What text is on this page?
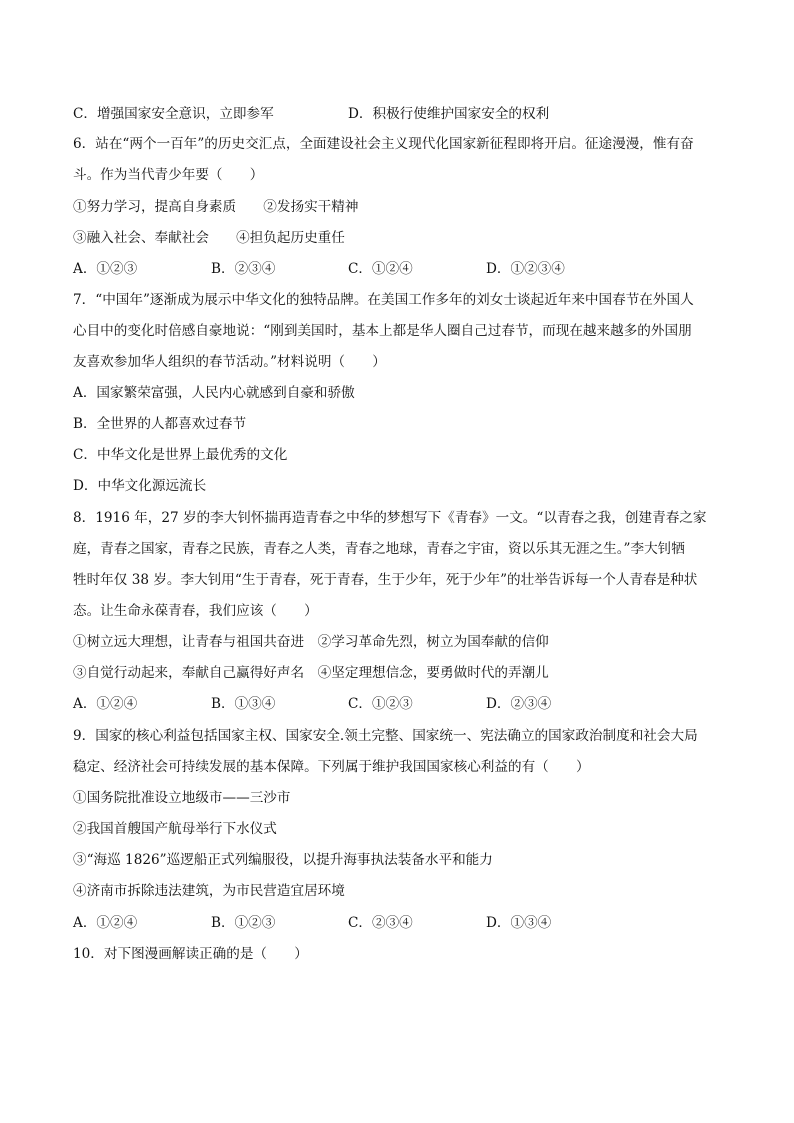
C．增强国家安全意识，立即参军	D．积极行使维护国家安全的权利
6．站在“两个一百年”的历史交汇点，全面建设社会主义现代化国家新征程即将开启。征途漫漫，惟有奋
斗。作为当代青少年要（　　）
①努力学习，提高自身素质　　②发扬实干精神
③融入社会、奉献社会　　④担负起历史重任
A．①②③	B．②③④	C．①②④	D．①②③④
7．“中国年”逐渐成为展示中华文化的独特品牌。在美国工作多年的刘女士谈起近年来中国春节在外国人
心目中的变化时倍感自豪地说：“刚到美国时，基本上都是华人圈自己过春节，而现在越来越多的外国朋
友喜欢参加华人组织的春节活动。”材料说明（　　）
A．国家繁荣富强，人民内心就感到自豪和骄傲
B．全世界的人都喜欢过春节
C．中华文化是世界上最优秀的文化
D．中华文化源远流长
8．1916 年，27 岁的李大钊怀揣再造青春之中华的梦想写下《青春》一文。“以青春之我，创建青春之家
庭，青春之国家，青春之民族，青春之人类，青春之地球，青春之宇宙，资以乐其无涯之生。”李大钊牺
牲时年仅 38 岁。李大钊用“生于青春，死于青春，生于少年，死于少年”的壮举告诉每一个人青春是种状
态。让生命永葆青春，我们应该（　　）
①树立远大理想，让青春与祖国共奋进　②学习革命先烈，树立为国奉献的信仰
③自觉行动起来，奉献自己赢得好声名　④坚定理想信念，要勇做时代的弄潮儿
A．①②④	B．①③④	C．①②③	D．②③④
9．国家的核心利益包括国家主权、国家安全.领土完整、国家统一、宪法确立的国家政治制度和社会大局
稳定、经济社会可持续发展的基本保障。下列属于维护我国国家核心利益的有（　　）
①国务院批准设立地级市——三沙市
②我国首艘国产航母举行下水仪式
③“海巡 1826”巡逻船正式列编服役，以提升海事执法装备水平和能力
④济南市拆除违法建筑，为市民营造宜居环境
A．①②④	B．①②③	C．②③④	D．①③④
10．对下图漫画解读正确的是（　　）
